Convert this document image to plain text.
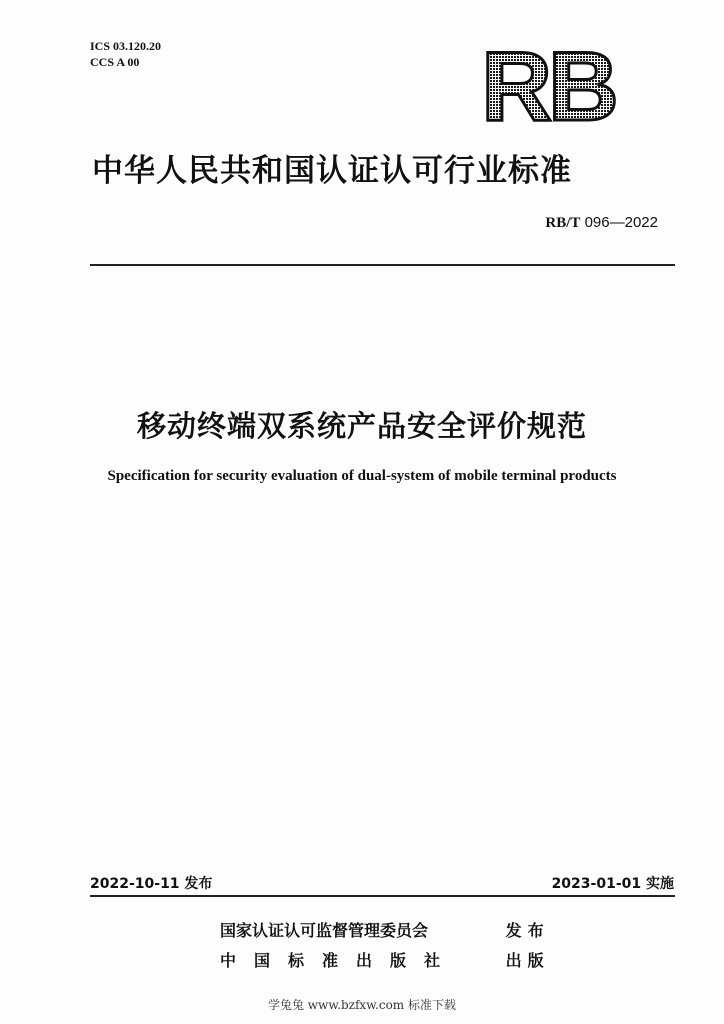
ICS 03.120.20
CCS A 00	RB
中华人民共和国认证认可行业标准
RB/T 096—2022
移动终端双系统产品安全评价规范
Specification for security evaluation of dual-system of mobile terminal products
2022-10-11 发布	2023-01-01 实施
国家认证认可监督管理委员会	发布
中国标准出版社	出版
学兔兔 www.bzfxw.com 标准下载
